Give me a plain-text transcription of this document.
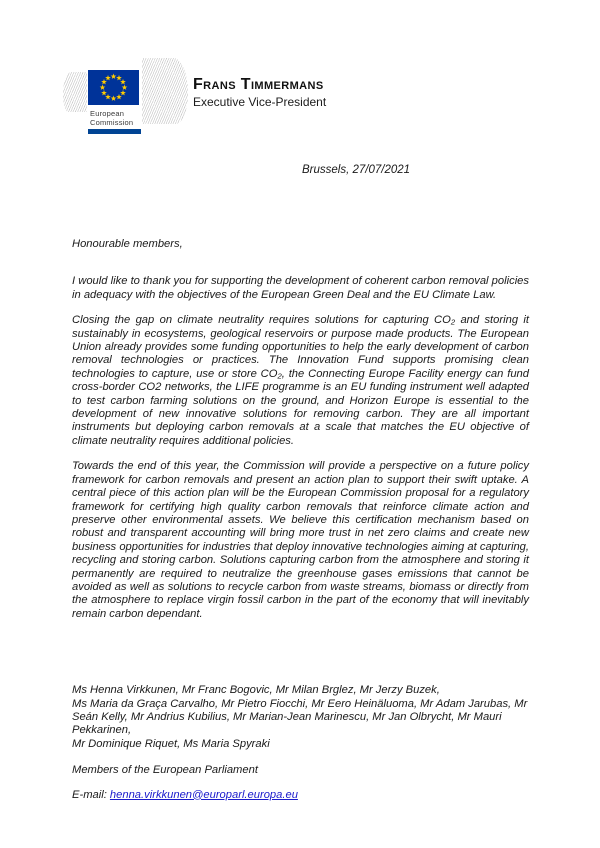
European
Commission
Frans Timmermans
Executive Vice-President
Brussels, 27/07/2021

Honourable members,

I would like to thank you for supporting the development of coherent carbon removal policies in adequacy with the objectives of the European Green Deal and the EU Climate Law.

Closing the gap on climate neutrality requires solutions for capturing CO₂ and storing it sustainably in ecosystems, geological reservoirs or purpose made products. The European Union already provides some funding opportunities to help the early development of carbon removal technologies or practices. The Innovation Fund supports promising clean technologies to capture, use or store CO₂, the Connecting Europe Facility energy can fund cross-border CO2 networks, the LIFE programme is an EU funding instrument well adapted to test carbon farming solutions on the ground, and Horizon Europe is essential to the development of new innovative solutions for removing carbon. They are all important instruments but deploying carbon removals at a scale that matches the EU objective of climate neutrality requires additional policies.

Towards the end of this year, the Commission will provide a perspective on a future policy framework for carbon removals and present an action plan to support their swift uptake. A central piece of this action plan will be the European Commission proposal for a regulatory framework for certifying high quality carbon removals that reinforce climate action and preserve other environmental assets. We believe this certification mechanism based on robust and transparent accounting will bring more trust in net zero claims and create new business opportunities for industries that deploy innovative technologies aiming at capturing, recycling and storing carbon. Solutions capturing carbon from the atmosphere and storing it permanently are required to neutralize the greenhouse gases emissions that cannot be avoided as well as solutions to recycle carbon from waste streams, biomass or directly from the atmosphere to replace virgin fossil carbon in the part of the economy that will inevitably remain carbon dependant.

Ms Henna Virkkunen, Mr Franc Bogovic, Mr Milan Brglez, Mr Jerzy Buzek,
Ms Maria da Graça Carvalho, Mr Pietro Fiocchi, Mr Eero Heinäluoma, Mr Adam Jarubas, Mr Seán Kelly, Mr Andrius Kubilius, Mr Marian-Jean Marinescu, Mr Jan Olbrycht, Mr Mauri Pekkarinen,
Mr Dominique Riquet, Ms Maria Spyraki
Members of the European Parliament
E-mail: henna.virkkunen@europarl.europa.eu
